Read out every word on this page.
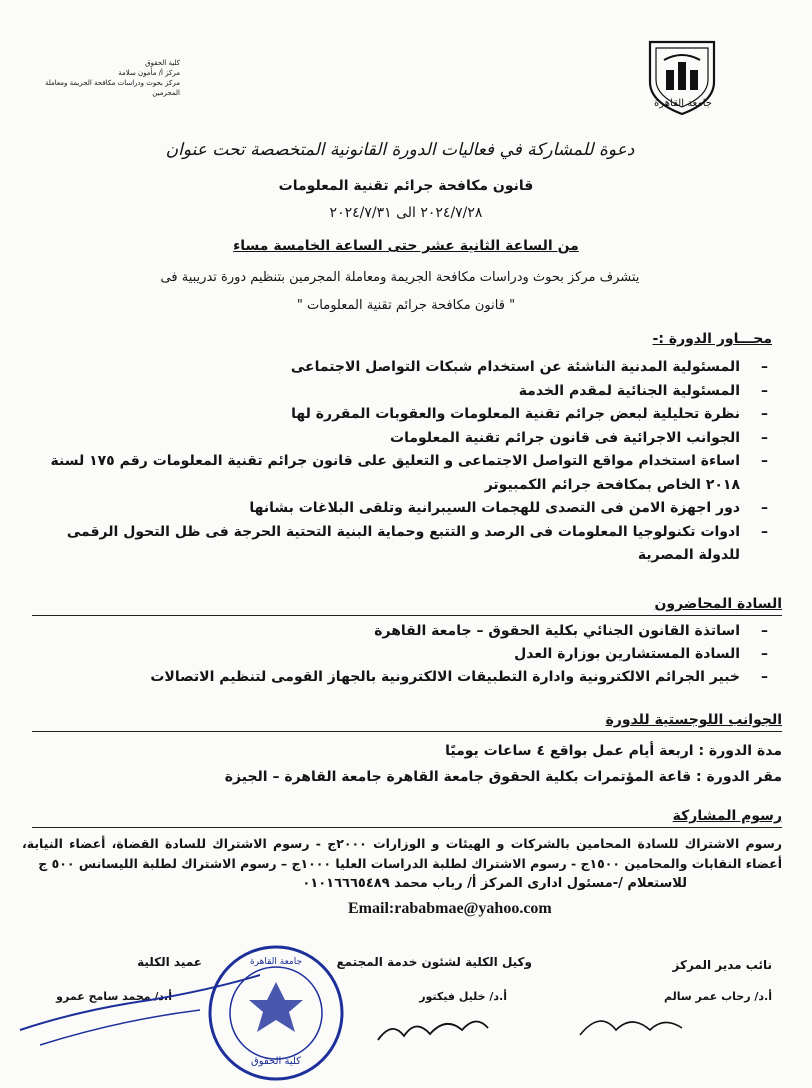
جامعة القاهرة
كلية الحقوق
مركز أ/ مأمون سلامة
مركز بحوث ودراسات مكافحة الجريمة ومعاملة المجرمين
دعوة للمشاركة في فعاليات الدورة القانونية المتخصصة تحت عنوان
قانون مكافحة جرائم تقنية المعلومات
٢٠٢٤/٧/٢٨ الى ٢٠٢٤/٧/٣١
من الساعة الثانية عشر حتى الساعة الخامسة مساء
يتشرف مركز بحوث ودراسات مكافحة الجريمة ومعاملة المجرمين بتنظيم دورة تدريبية فى
" قانون مكافحة جرائم تقنية المعلومات "
محـــاور الدورة :-
– المسئولية المدنية الناشئة عن استخدام شبكات التواصل الاجتماعى
– المسئولية الجنائية لمقدم الخدمة
– نظرة تحليلية لبعض جرائم تقنية المعلومات والعقوبات المقررة لها
– الجوانب الاجرائية فى قانون جرائم تقنية المعلومات
– اساءة استخدام مواقع التواصل الاجتماعى و التعليق على قانون جرائم تقنية المعلومات رقم ١٧٥ لسنة ٢٠١٨ الخاص بمكافحة جرائم الكمبيوتر
– دور اجهزة الامن فى التصدى للهجمات السيبرانية وتلقى البلاغات بشانها
– ادوات تكنولوجيا المعلومات فى الرصد و التتبع وحماية البنية التحتية الحرجة فى ظل التحول الرقمى للدولة المصرية
السادة المحاضرون
– اساتذة القانون الجنائي بكلية الحقوق – جامعة القاهرة
– السادة المستشارين بوزارة العدل
– خبير الجرائم الالكترونية وادارة التطبيقات الالكترونية بالجهاز القومى لتنظيم الاتصالات
الجوانب اللوجستية للدورة
مدة الدورة : اربعة أيام عمل بواقع ٤ ساعات يوميًا
مقر الدورة : قاعة المؤتمرات بكلية الحقوق جامعة القاهرة جامعة القاهرة – الجيزة
رسوم المشاركة
رسوم الاشتراك للسادة المحامين بالشركات و الهيئات و الوزارات ٢٠٠٠ج - رسوم الاشتراك للسادة القضاة، أعضاء النيابة، أعضاء النقابات والمحامين ١٥٠٠ج - رسوم الاشتراك لطلبة الدراسات العليا ١٠٠٠ج – رسوم الاشتراك لطلبة الليسانس ٥٠٠ ج
للاستعلام /-مسئول ادارى المركز أ/ رباب محمد ٠١٠١٦٦٦٥٤٨٩
Email:rababmae@yahoo.com
نائب مدير المركز
وكيل الكلية لشئون خدمة المجتمع
عميد الكلية
أ.د/ رحاب عمر سالم
أ.د/ خليل فيكتور
أ.د/ محمد سامح عمرو
كلية الحقوق
جامعة القاهرة
